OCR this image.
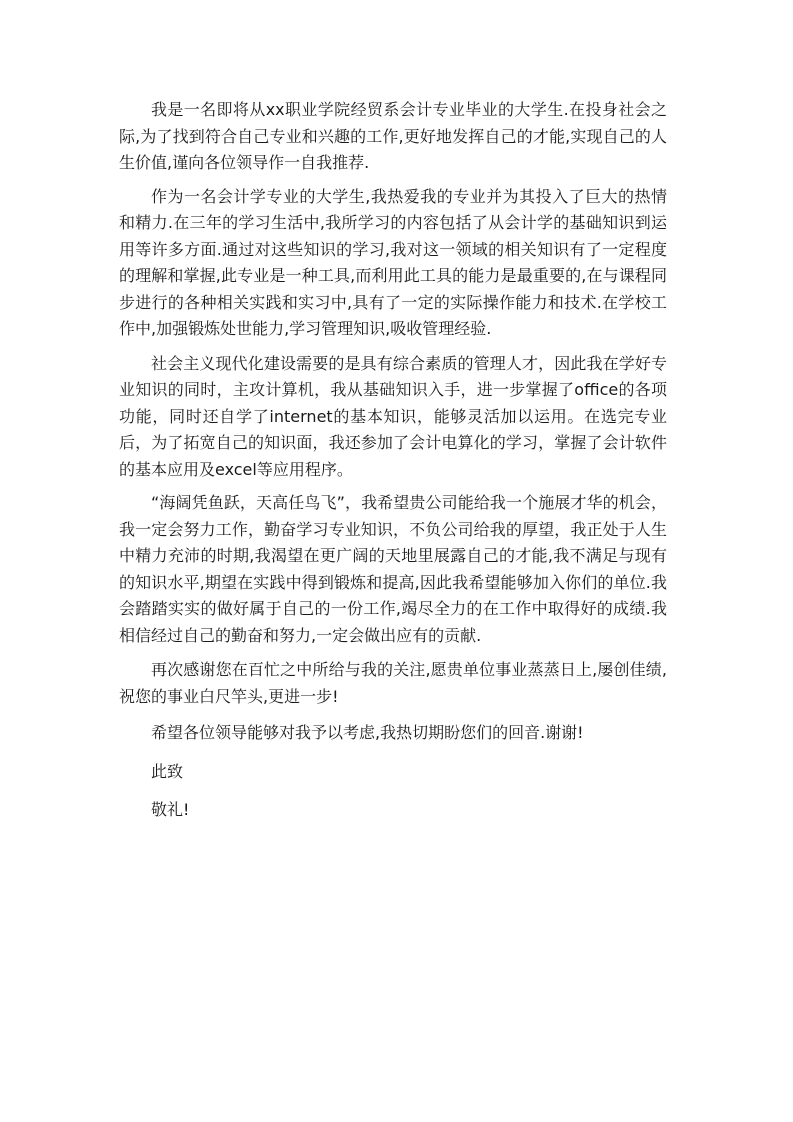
我是一名即将从xx职业学院经贸系会计专业毕业的大学生.在投身社会之际,为了找到符合自己专业和兴趣的工作,更好地发挥自己的才能,实现自己的人生价值,谨向各位领导作一自我推荐.

作为一名会计学专业的大学生,我热爱我的专业并为其投入了巨大的热情和精力.在三年的学习生活中,我所学习的内容包括了从会计学的基础知识到运用等许多方面.通过对这些知识的学习,我对这一领域的相关知识有了一定程度的理解和掌握,此专业是一种工具,而利用此工具的能力是最重要的,在与课程同步进行的各种相关实践和实习中,具有了一定的实际操作能力和技术.在学校工作中,加强锻炼处世能力,学习管理知识,吸收管理经验.

社会主义现代化建设需要的是具有综合素质的管理人才，因此我在学好专业知识的同时，主攻计算机，我从基础知识入手，进一步掌握了office的各项功能，同时还自学了internet的基本知识，能够灵活加以运用。在选完专业后，为了拓宽自己的知识面，我还参加了会计电算化的学习，掌握了会计软件的基本应用及excel等应用程序。

“海阔凭鱼跃，天高任鸟飞”，我希望贵公司能给我一个施展才华的机会，我一定会努力工作，勤奋学习专业知识，不负公司给我的厚望，我正处于人生中精力充沛的时期,我渴望在更广阔的天地里展露自己的才能,我不满足与现有的知识水平,期望在实践中得到锻炼和提高,因此我希望能够加入你们的单位.我会踏踏实实的做好属于自己的一份工作,竭尽全力的在工作中取得好的成绩.我相信经过自己的勤奋和努力,一定会做出应有的贡献.

再次感谢您在百忙之中所给与我的关注,愿贵单位事业蒸蒸日上,屡创佳绩,祝您的事业白尺竿头,更进一步!

希望各位领导能够对我予以考虑,我热切期盼您们的回音.谢谢!

此致

敬礼!
